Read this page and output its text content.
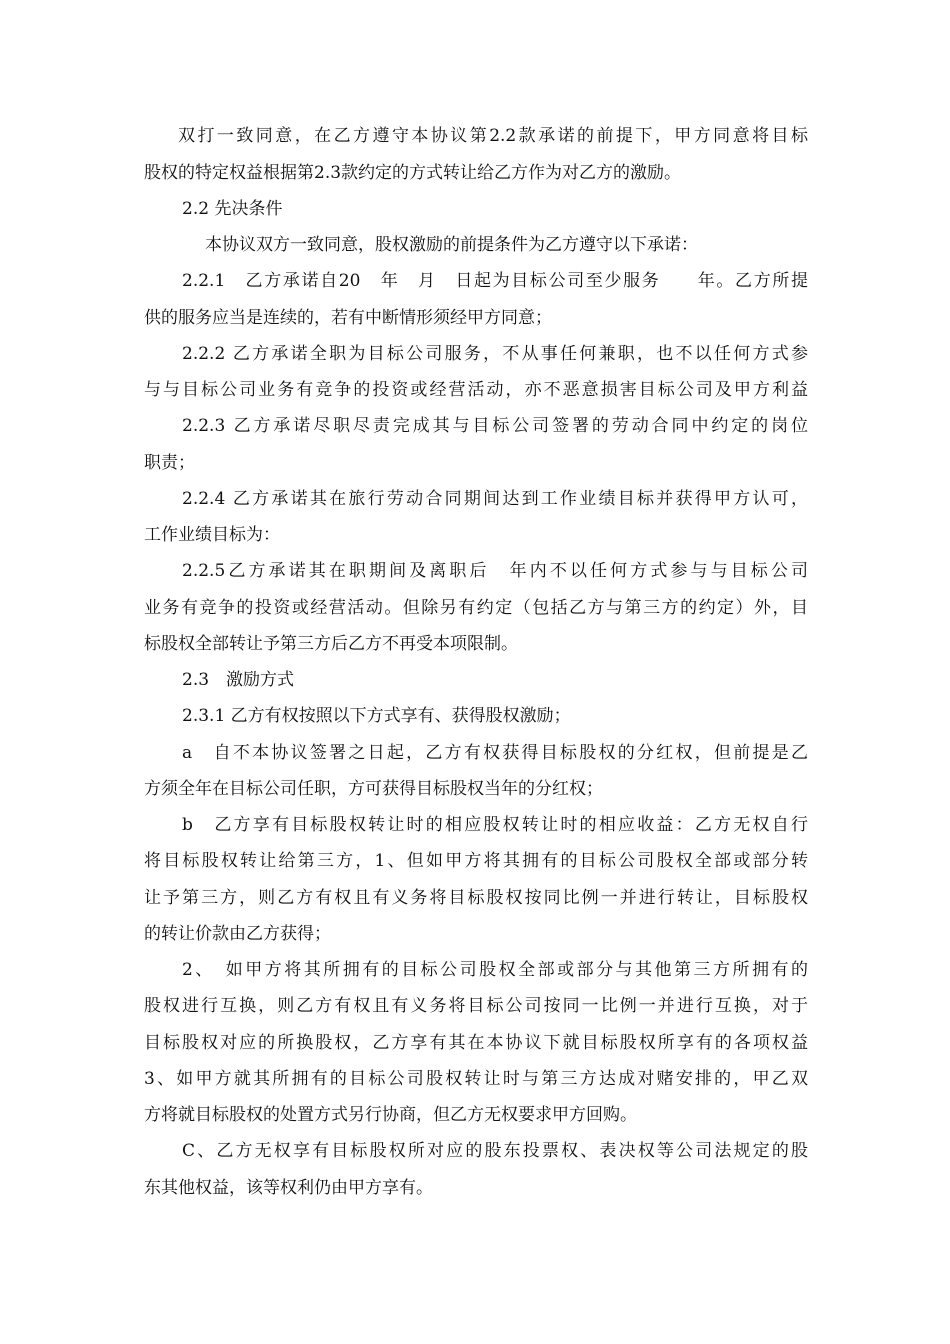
双打一致同意，在乙方遵守本协议第2.2款承诺的前提下，甲方同意将目标
股权的特定权益根据第2.3款约定的方式转让给乙方作为对乙方的激励。
2.2 先决条件
本协议双方一致同意，股权激励的前提条件为乙方遵守以下承诺：
2.2.1　乙方承诺自20　年　月　日起为目标公司至少服务　　年。乙方所提
供的服务应当是连续的，若有中断情形须经甲方同意；
2.2.2 乙方承诺全职为目标公司服务，不从事任何兼职，也不以任何方式参
与与目标公司业务有竞争的投资或经营活动，亦不恶意损害目标公司及甲方利益
2.2.3 乙方承诺尽职尽责完成其与目标公司签署的劳动合同中约定的岗位
职责；
2.2.4 乙方承诺其在旅行劳动合同期间达到工作业绩目标并获得甲方认可，
工作业绩目标为：
2.2.5乙方承诺其在职期间及离职后　年内不以任何方式参与与目标公司
业务有竞争的投资或经营活动。但除另有约定（包括乙方与第三方的约定）外，目
标股权全部转让予第三方后乙方不再受本项限制。
2.3　激励方式
2.3.1 乙方有权按照以下方式享有、获得股权激励；
a　自不本协议签署之日起，乙方有权获得目标股权的分红权，但前提是乙
方须全年在目标公司任职，方可获得目标股权当年的分红权；
b　乙方享有目标股权转让时的相应股权转让时的相应收益：乙方无权自行
将目标股权转让给第三方，1、但如甲方将其拥有的目标公司股权全部或部分转
让予第三方，则乙方有权且有义务将目标股权按同比例一并进行转让，目标股权
的转让价款由乙方获得；
2、　如甲方将其所拥有的目标公司股权全部或部分与其他第三方所拥有的
股权进行互换，则乙方有权且有义务将目标公司按同一比例一并进行互换，对于
目标股权对应的所换股权，乙方享有其在本协议下就目标股权所享有的各项权益
3、如甲方就其所拥有的目标公司股权转让时与第三方达成对赌安排的，甲乙双
方将就目标股权的处置方式另行协商，但乙方无权要求甲方回购。
C、乙方无权享有目标股权所对应的股东投票权、表决权等公司法规定的股
东其他权益，该等权利仍由甲方享有。
